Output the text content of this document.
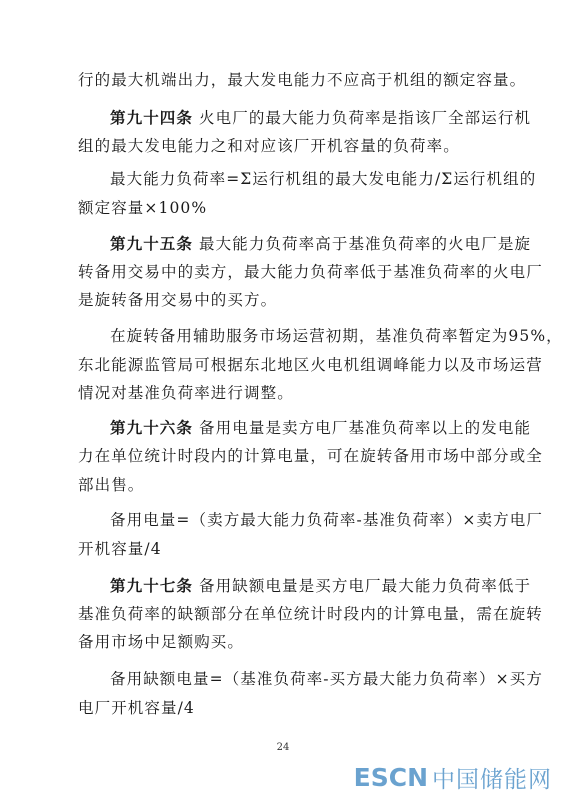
行的最大机端出力，最大发电能力不应高于机组的额定容量。
第九十四条 火电厂的最大能力负荷率是指该厂全部运行机
组的最大发电能力之和对应该厂开机容量的负荷率。
最大能力负荷率=Σ运行机组的最大发电能力/Σ运行机组的
额定容量×100%
第九十五条 最大能力负荷率高于基准负荷率的火电厂是旋
转备用交易中的卖方，最大能力负荷率低于基准负荷率的火电厂
是旋转备用交易中的买方。
在旋转备用辅助服务市场运营初期，基准负荷率暂定为95%，
东北能源监管局可根据东北地区火电机组调峰能力以及市场运营
情况对基准负荷率进行调整。
第九十六条 备用电量是卖方电厂基准负荷率以上的发电能
力在单位统计时段内的计算电量，可在旋转备用市场中部分或全
部出售。
备用电量=（卖方最大能力负荷率-基准负荷率）×卖方电厂
开机容量/4
第九十七条 备用缺额电量是买方电厂最大能力负荷率低于
基准负荷率的缺额部分在单位统计时段内的计算电量，需在旋转
备用市场中足额购买。
备用缺额电量=（基准负荷率-买方最大能力负荷率）×买方
电厂开机容量/4
24
ESCN 中国储能网
